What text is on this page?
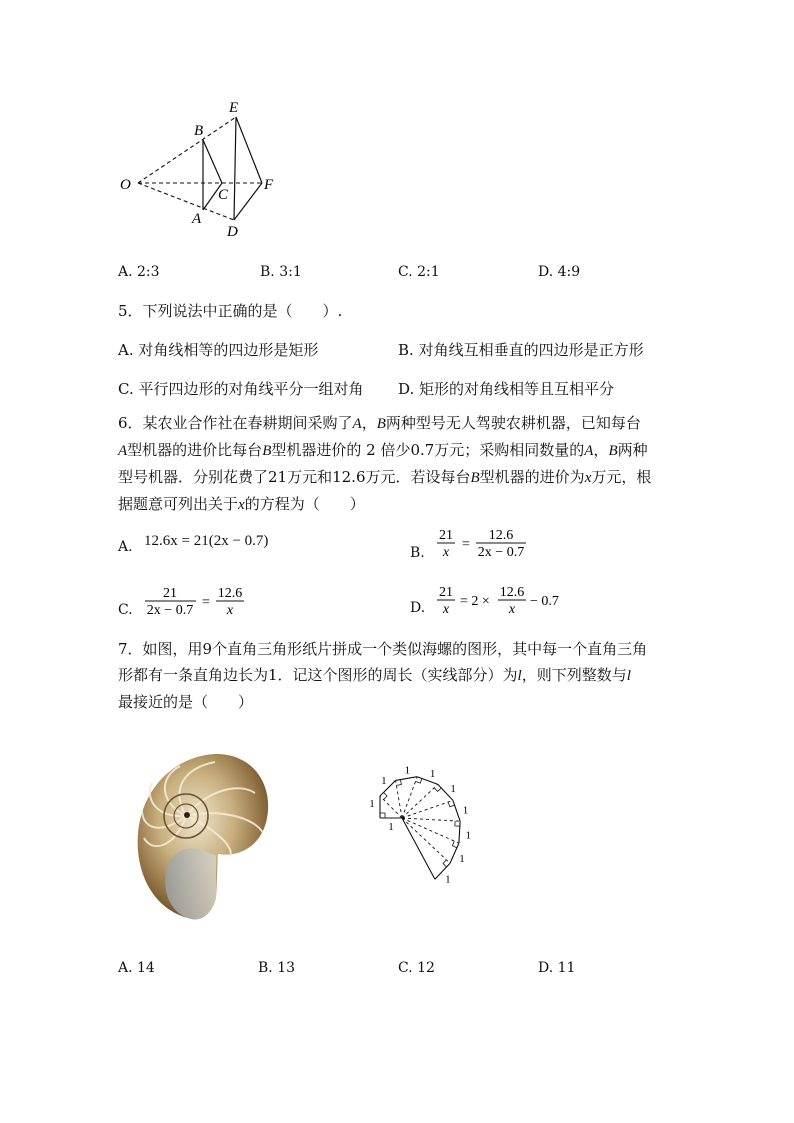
O
B
A
C
E
D
F
A. 2:3	B. 3:1	C. 2:1	D. 4:9
5．下列说法中正确的是（　　）.
A. 对角线相等的四边形是矩形	B. 对角线互相垂直的四边形是正方形
C. 平行四边形的对角线平分一组对角 D. 矩形的对角线相等且互相平分
6．某农业合作社在春耕期间采购了A，B两种型号无人驾驶农耕机器，已知每台
A型机器的进价比每台B型机器进价的 2 倍少0.7万元；采购相同数量的A，B两种
型号机器．分别花费了21万元和12.6万元．若设每台B型机器的进价为x万元，根
据题意可列出关于x的方程为（　　）
A. 12.6x = 21(2x − 0.7)
B.
21
x
=
12.6
2x − 0.7
C.
21
2x − 0.7
=
12.6
x	D.
21
x
= 2 ×
12.6
x
− 0.7
7．如图，用9个直角三角形纸片拼成一个类似海螺的图形，其中每一个直角三角
形都有一条直角边长为1．记这个图形的周长（实线部分）为l，则下列整数与l
最接近的是（　　）
1
1
1 1
1
1
1
1
1
1
A. 14	B. 13	C. 12	D. 11
